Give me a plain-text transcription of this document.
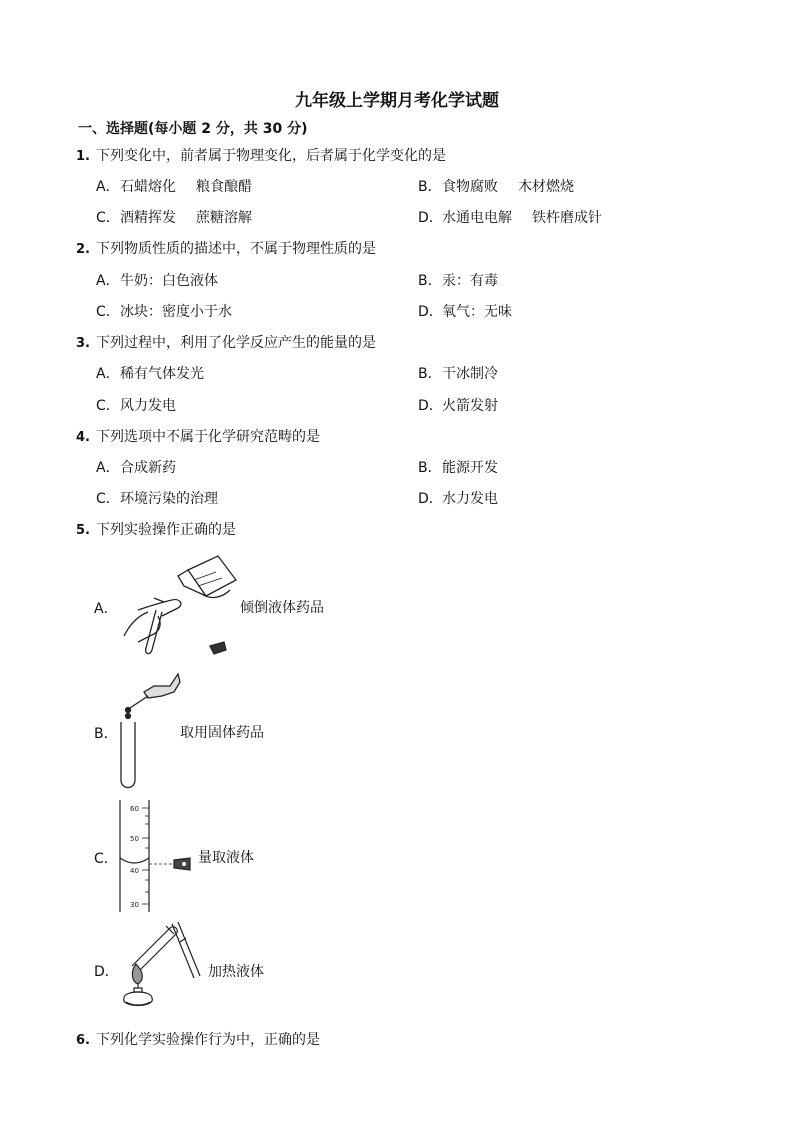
九年级上学期月考化学试题
一、选择题(每小题 2 分，共 30 分)
1. 下列变化中，前者属于物理变化，后者属于化学变化的是
A．石蜡熔化 粮食酿醋	B．食物腐败 木材燃烧
C．酒精挥发 蔗糖溶解	D．水通电电解 铁杵磨成针
2. 下列物质性质的描述中，不属于物理性质的是
A．牛奶：白色液体	B．汞：有毒
C．冰块：密度小于水	D．氧气：无味
3. 下列过程中，利用了化学反应产生的能量的是
A．稀有气体发光	B．干冰制冷
C．风力发电	D．火箭发射
4. 下列选项中不属于化学研究范畴的是
A．合成新药	B．能源开发
C．环境污染的治理	D．水力发电
5. 下列实验操作正确的是
A．	倾倒液体药品
B．	取用固体药品
C．
60
50
40
30
量取液体
D．	加热液体
6. 下列化学实验操作行为中，正确的是
